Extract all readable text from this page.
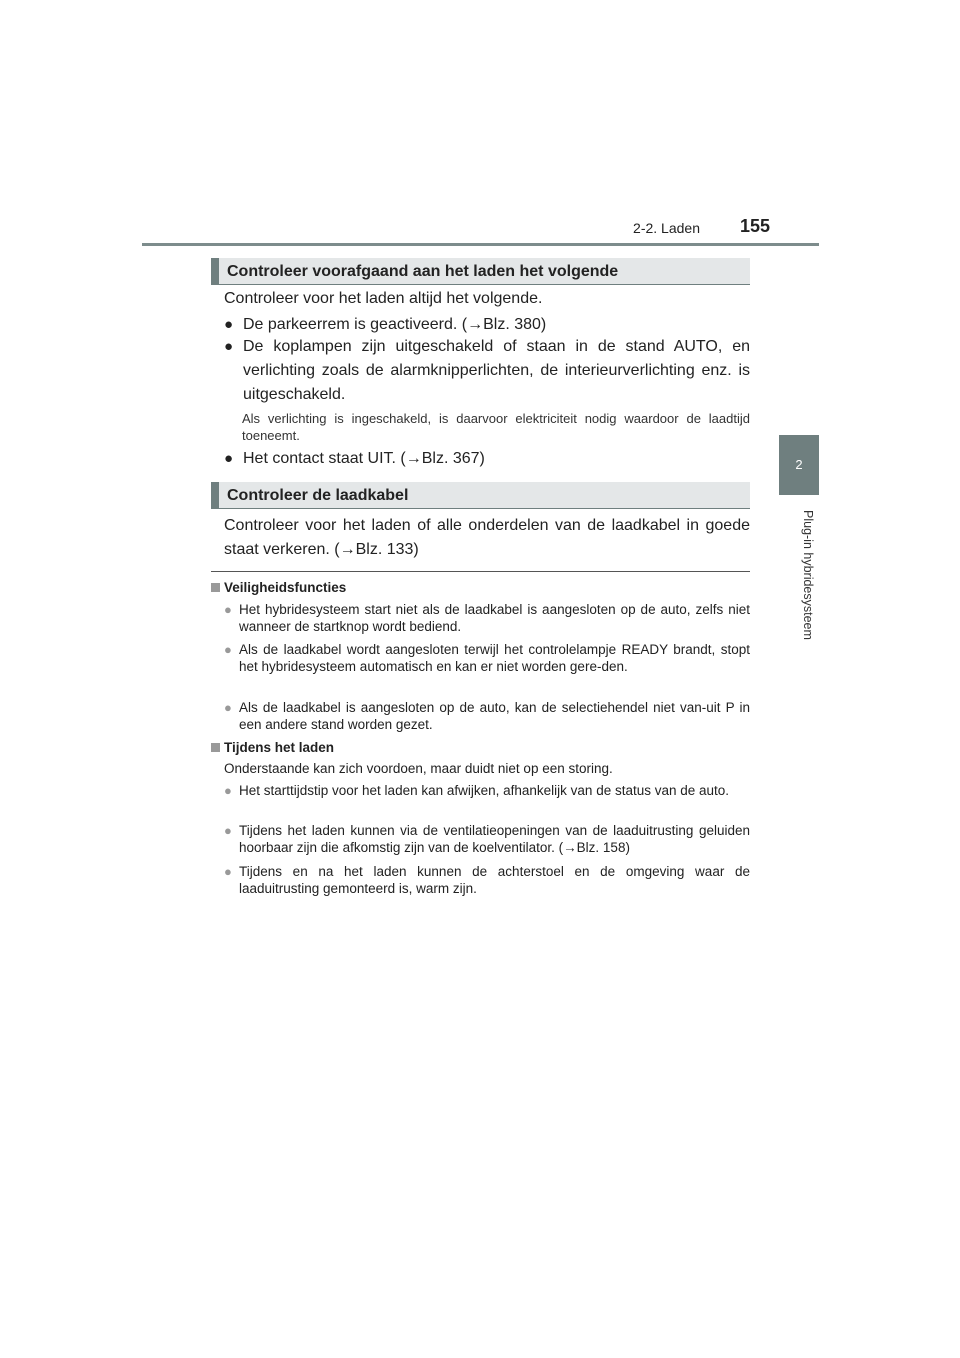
2-2. Laden 155
2
Plug-in hybridesysteem
Controleer voorafgaand aan het laden het volgende
Controleer voor het laden altijd het volgende.
● De parkeerrem is geactiveerd. (→Blz. 380)
● De koplampen zijn uitgeschakeld of staan in de stand AUTO, en verlichting zoals de alarmknipperlichten, de interieurverlichting enz. is uitgeschakeld.
Als verlichting is ingeschakeld, is daarvoor elektriciteit nodig waardoor de laadtijd toeneemt.
● Het contact staat UIT. (→Blz. 367)
Controleer de laadkabel
Controleer voor het laden of alle onderdelen van de laadkabel in goede staat verkeren. (→Blz. 133)
Veiligheidsfuncties
● Het hybridesysteem start niet als de laadkabel is aangesloten op de auto, zelfs niet wanneer de startknop wordt bediend.
● Als de laadkabel wordt aangesloten terwijl het controlelampje READY brandt, stopt het hybridesysteem automatisch en kan er niet worden gere-den.
● Als de laadkabel is aangesloten op de auto, kan de selectiehendel niet van-uit P in een andere stand worden gezet.
Tijdens het laden
Onderstaande kan zich voordoen, maar duidt niet op een storing.
● Het starttijdstip voor het laden kan afwijken, afhankelijk van de status van de auto.
● Tijdens het laden kunnen via de ventilatieopeningen van de laaduitrusting geluiden hoorbaar zijn die afkomstig zijn van de koelventilator. (→Blz. 158)
● Tijdens en na het laden kunnen de achterstoel en de omgeving waar de laaduitrusting gemonteerd is, warm zijn.
